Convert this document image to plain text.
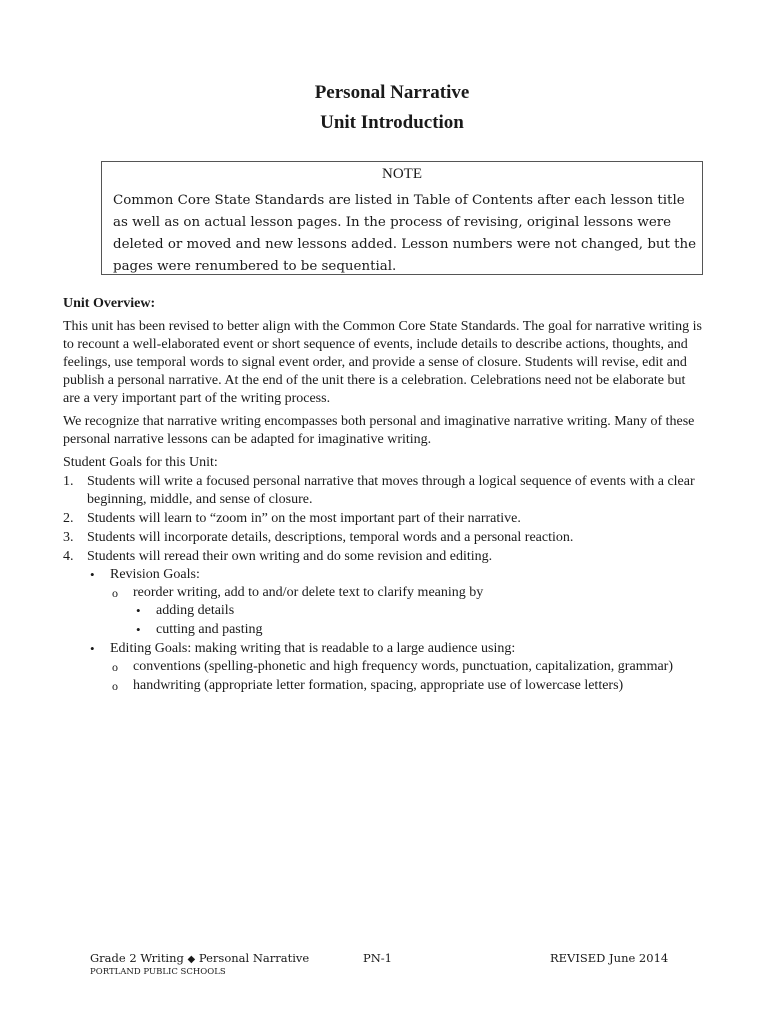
Personal Narrative
Unit Introduction
NOTE

Common Core State Standards are listed in Table of Contents after each lesson title as well as on actual lesson pages. In the process of revising, original lessons were deleted or moved and new lessons added. Lesson numbers were not changed, but the pages were renumbered to be sequential.

Unit Overview:

This unit has been revised to better align with the Common Core State Standards. The goal for narrative writing is to recount a well-elaborated event or short sequence of events, include details to describe actions, thoughts, and feelings, use temporal words to signal event order, and provide a sense of closure. Students will revise, edit and publish a personal narrative. At the end of the unit there is a celebration. Celebrations need not be elaborate but are a very important part of the writing process.

We recognize that narrative writing encompasses both personal and imaginative narrative writing. Many of these personal narrative lessons can be adapted for imaginative writing.

Student Goals for this Unit:

1. Students will write a focused personal narrative that moves through a logical sequence of events with a clear beginning, middle, and sense of closure.
2. Students will learn to “zoom in” on the most important part of their narrative.
3. Students will incorporate details, descriptions, temporal words and a personal reaction.
4. Students will reread their own writing and do some revision and editing.
• Revision Goals:
o reorder writing, add to and/or delete text to clarify meaning by
• adding details
• cutting and pasting
• Editing Goals: making writing that is readable to a large audience using:
o conventions (spelling-phonetic and high frequency words, punctuation, capitalization, grammar)
o handwriting (appropriate letter formation, spacing, appropriate use of lowercase letters)
Grade 2 Writing ◆ Personal Narrative
PORTLAND PUBLIC SCHOOLS
PN-1	REVISED June 2014
